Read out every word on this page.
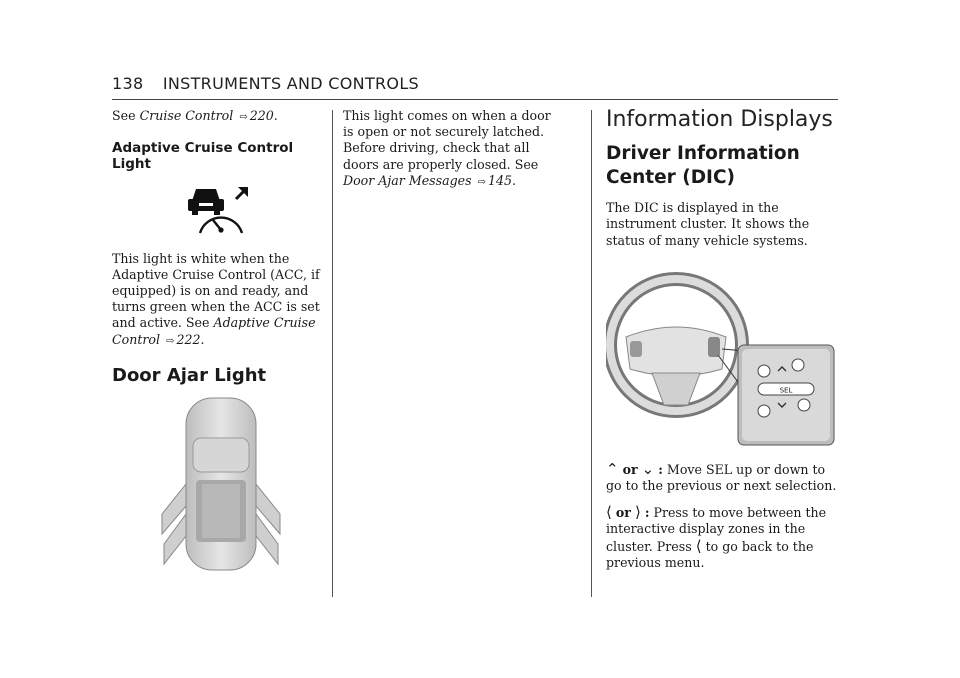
138 INSTRUMENTS AND CONTROLS

See Cruise Control ⇨ 220.

Adaptive Cruise Control Light

This light is white when the Adaptive Cruise Control (ACC, if equipped) is on and ready, and turns green when the ACC is set and active. See Adaptive Cruise Control ⇨ 222.

Door Ajar Light

This light comes on when a door is open or not securely latched. Before driving, check that all doors are properly closed. See Door Ajar Messages ⇨ 145.

Information Displays
Driver Information Center (DIC)

The DIC is displayed in the instrument cluster. It shows the status of many vehicle systems.

SEL

⌃ or ⌄ : Move SEL up or down to go to the previous or next selection.

⟨ or ⟩ : Press to move between the interactive display zones in the cluster. Press ⟨ to go back to the previous menu.
